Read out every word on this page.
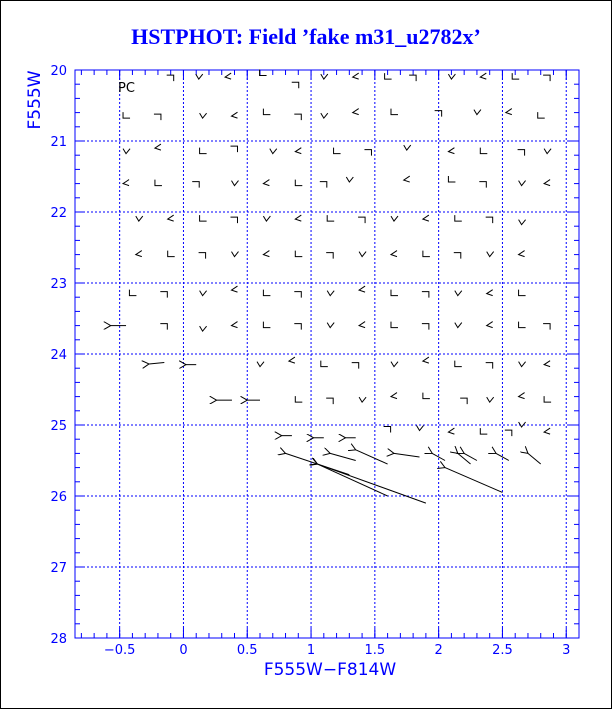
HSTPHOT: Field ’fake m31_u2782x’
−0.5	0	0.5	1	1.5	2	2.5	3
20
21
22
23
24
25
26
27
28
PC
F555W−F814W
F555W
